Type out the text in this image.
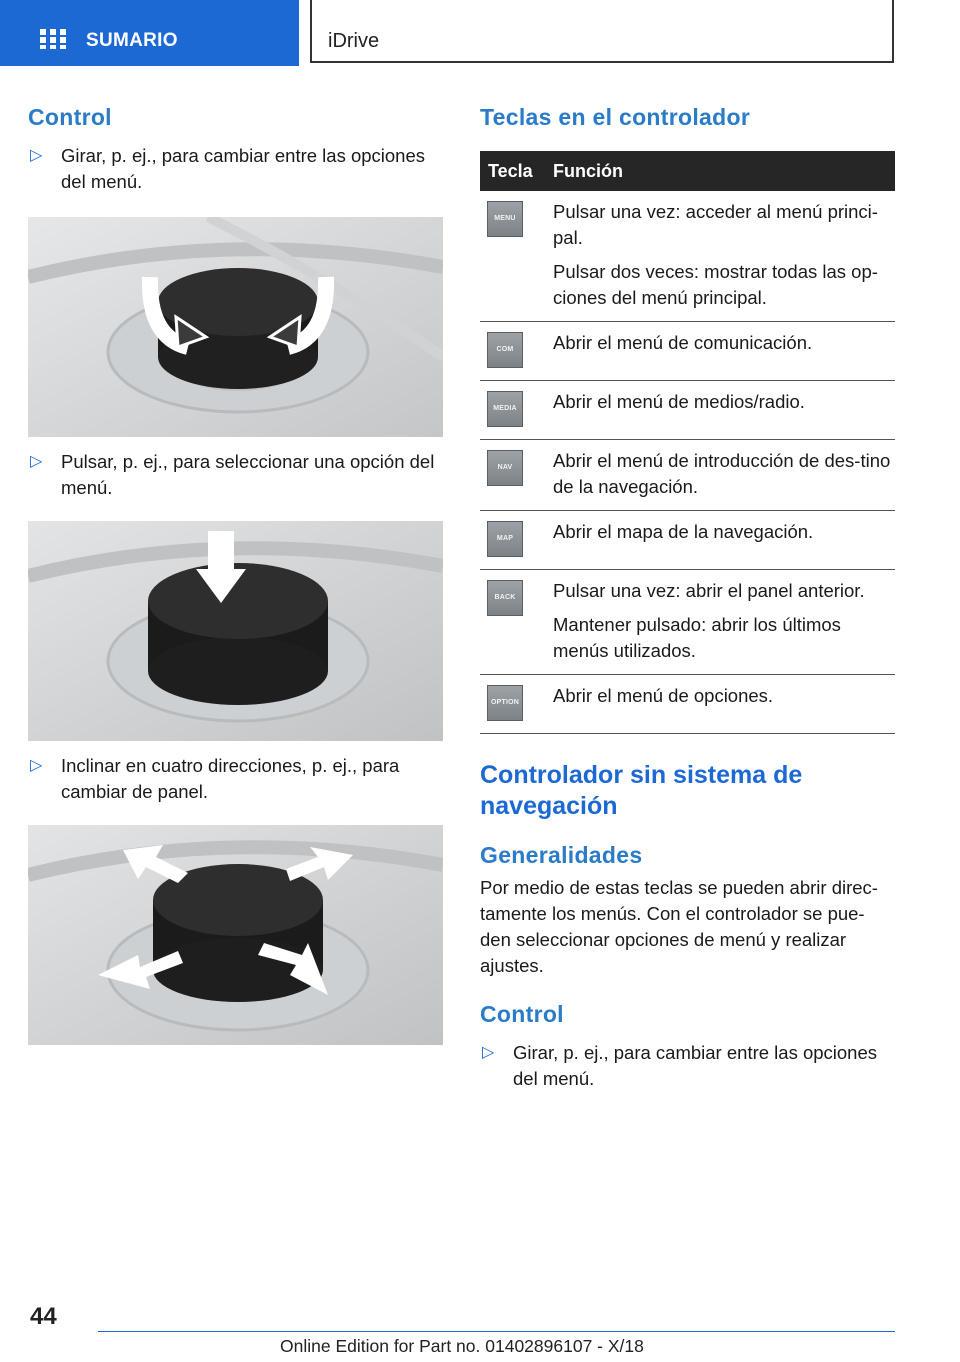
SUMARIO	iDrive
Control
▷ Girar, p. ej., para cambiar entre las opciones del menú.
▷ Pulsar, p. ej., para seleccionar una opción del menú.
▷ Inclinar en cuatro direcciones, p. ej., para cambiar de panel.
Teclas en el controlador
Tecla	Función

MENU	Pulsar una vez: acceder al menú princi-pal.

Pulsar dos veces: mostrar todas las op-ciones del menú principal.

COM	Abrir el menú de comunicación.

MEDIA	Abrir el menú de medios/radio.

NAV	Abrir el menú de introducción de des-tino de la navegación.

MAP	Abrir el mapa de la navegación.

BACK	Pulsar una vez: abrir el panel anterior.

Mantener pulsado: abrir los últimos menús utilizados.

OPTION	Abrir el menú de opciones.

Controlador sin sistema de navegación
Generalidades
Por medio de estas teclas se pueden abrir direc-tamente los menús. Con el controlador se pue-den seleccionar opciones de menú y realizar ajustes.
Control
▷ Girar, p. ej., para cambiar entre las opciones del menú.
44
Online Edition for Part no. 01402896107 - X/18
